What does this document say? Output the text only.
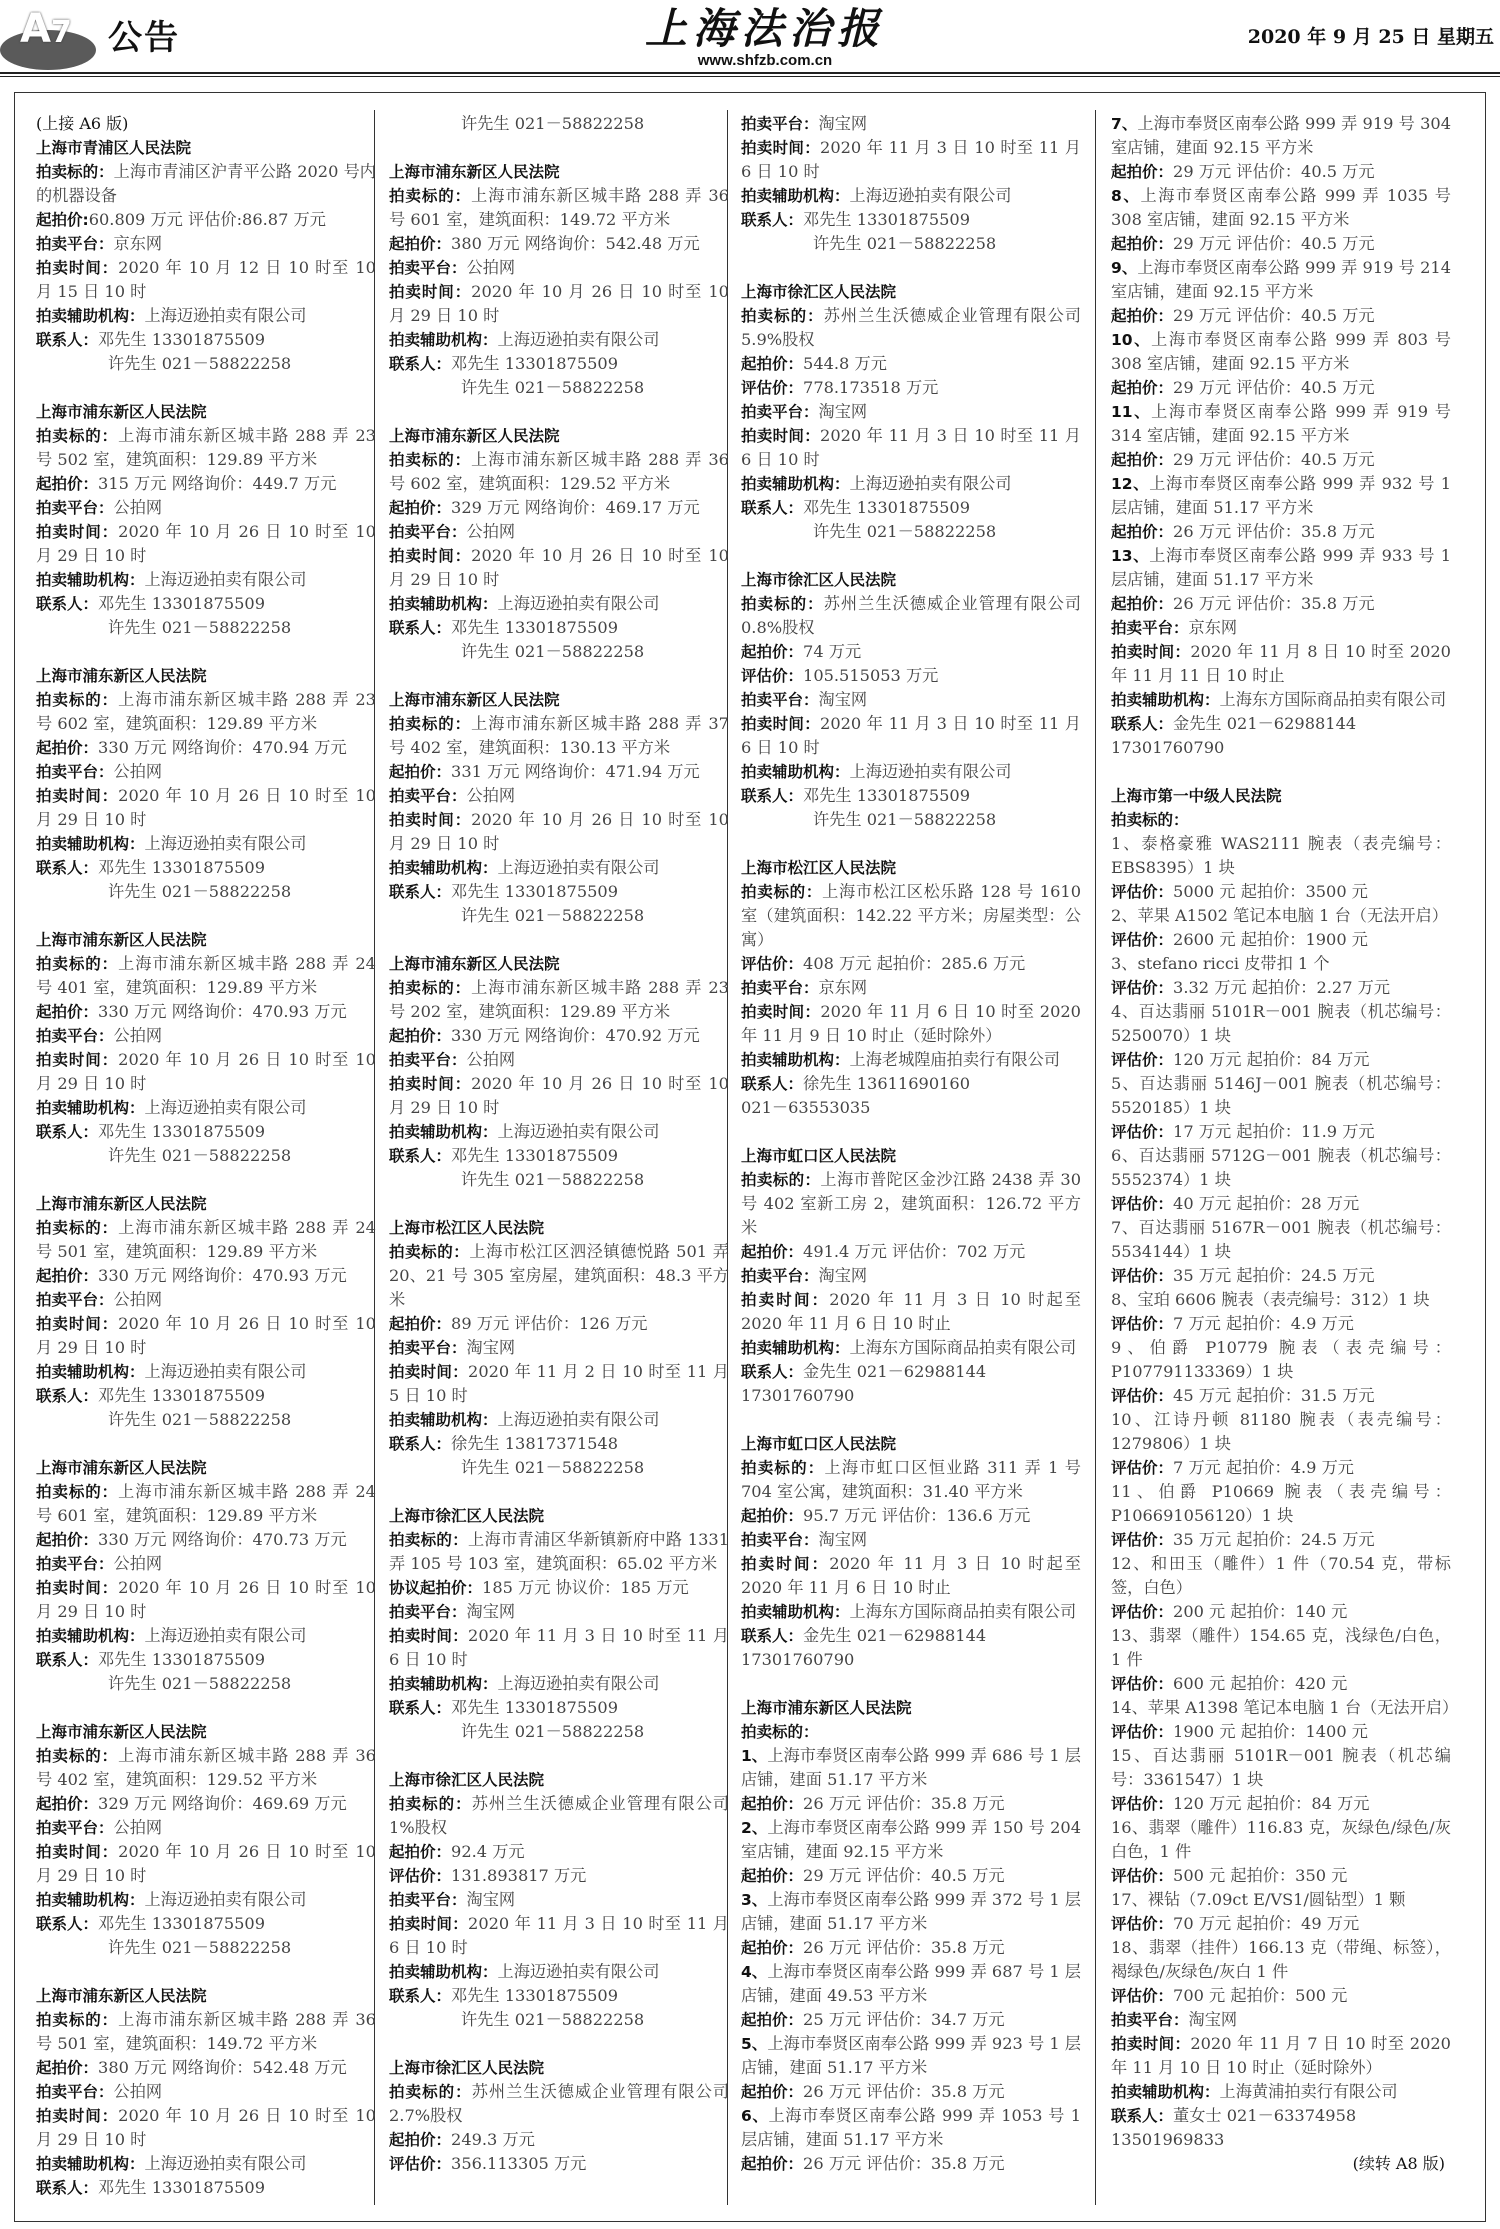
A7 公告	上海法治报
www.shfzb.com.cn
2020 年 9 月 25 日 星期五
(上接 A6 版)
上海市青浦区人民法院
拍卖标的：上海市青浦区沪青平公路 2020 号内的机器设备
起拍价:60.809 万元 评估价:86.87 万元
拍卖平台：京东网
拍卖时间：2020 年 10 月 12 日 10 时至 10 月 15 日 10 时
拍卖辅助机构：上海迈逊拍卖有限公司
联系人：邓先生 13301875509
许先生 021－58822258
上海市浦东新区人民法院
拍卖标的：上海市浦东新区城丰路 288 弄 23 号 502 室，建筑面积：129.89 平方米
起拍价：315 万元 网络询价：449.7 万元
拍卖平台：公拍网
拍卖时间：2020 年 10 月 26 日 10 时至 10 月 29 日 10 时
拍卖辅助机构：上海迈逊拍卖有限公司
联系人：邓先生 13301875509
许先生 021－58822258
上海市浦东新区人民法院
拍卖标的：上海市浦东新区城丰路 288 弄 23 号 602 室，建筑面积：129.89 平方米
起拍价：330 万元 网络询价：470.94 万元
拍卖平台：公拍网
拍卖时间：2020 年 10 月 26 日 10 时至 10 月 29 日 10 时
拍卖辅助机构：上海迈逊拍卖有限公司
联系人：邓先生 13301875509
许先生 021－58822258
上海市浦东新区人民法院
拍卖标的：上海市浦东新区城丰路 288 弄 24 号 401 室，建筑面积：129.89 平方米
起拍价：330 万元 网络询价：470.93 万元
拍卖平台：公拍网
拍卖时间：2020 年 10 月 26 日 10 时至 10 月 29 日 10 时
拍卖辅助机构：上海迈逊拍卖有限公司
联系人：邓先生 13301875509
许先生 021－58822258
上海市浦东新区人民法院
拍卖标的：上海市浦东新区城丰路 288 弄 24 号 501 室，建筑面积：129.89 平方米
起拍价：330 万元 网络询价：470.93 万元
拍卖平台：公拍网
拍卖时间：2020 年 10 月 26 日 10 时至 10 月 29 日 10 时
拍卖辅助机构：上海迈逊拍卖有限公司
联系人：邓先生 13301875509
许先生 021－58822258
上海市浦东新区人民法院
拍卖标的：上海市浦东新区城丰路 288 弄 24 号 601 室，建筑面积：129.89 平方米
起拍价：330 万元 网络询价：470.73 万元
拍卖平台：公拍网
拍卖时间：2020 年 10 月 26 日 10 时至 10 月 29 日 10 时
拍卖辅助机构：上海迈逊拍卖有限公司
联系人：邓先生 13301875509
许先生 021－58822258
上海市浦东新区人民法院
拍卖标的：上海市浦东新区城丰路 288 弄 36 号 402 室，建筑面积：129.52 平方米
起拍价：329 万元 网络询价：469.69 万元
拍卖平台：公拍网
拍卖时间：2020 年 10 月 26 日 10 时至 10 月 29 日 10 时
拍卖辅助机构：上海迈逊拍卖有限公司
联系人：邓先生 13301875509
许先生 021－58822258
上海市浦东新区人民法院
拍卖标的：上海市浦东新区城丰路 288 弄 36 号 501 室，建筑面积：149.72 平方米
起拍价：380 万元 网络询价：542.48 万元
拍卖平台：公拍网
拍卖时间：2020 年 10 月 26 日 10 时至 10 月 29 日 10 时
拍卖辅助机构：上海迈逊拍卖有限公司
联系人：邓先生 13301875509
许先生 021－58822258
上海市浦东新区人民法院
拍卖标的：上海市浦东新区城丰路 288 弄 36 号 601 室，建筑面积：149.72 平方米
起拍价：380 万元 网络询价：542.48 万元
拍卖平台：公拍网
拍卖时间：2020 年 10 月 26 日 10 时至 10 月 29 日 10 时
拍卖辅助机构：上海迈逊拍卖有限公司
联系人：邓先生 13301875509
许先生 021－58822258
上海市浦东新区人民法院
拍卖标的：上海市浦东新区城丰路 288 弄 36 号 602 室，建筑面积：129.52 平方米
起拍价：329 万元 网络询价：469.17 万元
拍卖平台：公拍网
拍卖时间：2020 年 10 月 26 日 10 时至 10 月 29 日 10 时
拍卖辅助机构：上海迈逊拍卖有限公司
联系人：邓先生 13301875509
许先生 021－58822258
上海市浦东新区人民法院
拍卖标的：上海市浦东新区城丰路 288 弄 37 号 402 室，建筑面积：130.13 平方米
起拍价：331 万元 网络询价：471.94 万元
拍卖平台：公拍网
拍卖时间：2020 年 10 月 26 日 10 时至 10 月 29 日 10 时
拍卖辅助机构：上海迈逊拍卖有限公司
联系人：邓先生 13301875509
许先生 021－58822258
上海市浦东新区人民法院
拍卖标的：上海市浦东新区城丰路 288 弄 23 号 202 室，建筑面积：129.89 平方米
起拍价：330 万元 网络询价：470.92 万元
拍卖平台：公拍网
拍卖时间：2020 年 10 月 26 日 10 时至 10 月 29 日 10 时
拍卖辅助机构：上海迈逊拍卖有限公司
联系人：邓先生 13301875509
许先生 021－58822258
上海市松江区人民法院
拍卖标的：上海市松江区泗泾镇德悦路 501 弄 20、21 号 305 室房屋，建筑面积：48.3 平方米
起拍价：89 万元 评估价：126 万元
拍卖平台：淘宝网
拍卖时间：2020 年 11 月 2 日 10 时至 11 月 5 日 10 时
拍卖辅助机构：上海迈逊拍卖有限公司
联系人：徐先生 13817371548
许先生 021－58822258
上海市徐汇区人民法院
拍卖标的：上海市青浦区华新镇新府中路 1331 弄 105 号 103 室，建筑面积：65.02 平方米
协议起拍价：185 万元 协议价：185 万元
拍卖平台：淘宝网
拍卖时间：2020 年 11 月 3 日 10 时至 11 月 6 日 10 时
拍卖辅助机构：上海迈逊拍卖有限公司
联系人：邓先生 13301875509
许先生 021－58822258
上海市徐汇区人民法院
拍卖标的：苏州兰生沃德威企业管理有限公司 1%股权
起拍价：92.4 万元
评估价：131.893817 万元
拍卖平台：淘宝网
拍卖时间：2020 年 11 月 3 日 10 时至 11 月 6 日 10 时
拍卖辅助机构：上海迈逊拍卖有限公司
联系人：邓先生 13301875509
许先生 021－58822258
上海市徐汇区人民法院
拍卖标的：苏州兰生沃德威企业管理有限公司 2.7%股权
起拍价：249.3 万元
评估价：356.113305 万元
拍卖平台：淘宝网
拍卖时间：2020 年 11 月 3 日 10 时至 11 月 6 日 10 时
拍卖辅助机构：上海迈逊拍卖有限公司
联系人：邓先生 13301875509
许先生 021－58822258
上海市徐汇区人民法院
拍卖标的：苏州兰生沃德威企业管理有限公司 5.9%股权
起拍价：544.8 万元
评估价：778.173518 万元
拍卖平台：淘宝网
拍卖时间：2020 年 11 月 3 日 10 时至 11 月 6 日 10 时
拍卖辅助机构：上海迈逊拍卖有限公司
联系人：邓先生 13301875509
许先生 021－58822258
上海市徐汇区人民法院
拍卖标的：苏州兰生沃德威企业管理有限公司 0.8%股权
起拍价：74 万元
评估价：105.515053 万元
拍卖平台：淘宝网
拍卖时间：2020 年 11 月 3 日 10 时至 11 月 6 日 10 时
拍卖辅助机构：上海迈逊拍卖有限公司
联系人：邓先生 13301875509
许先生 021－58822258
上海市松江区人民法院
拍卖标的：上海市松江区松乐路 128 号 1610 室（建筑面积：142.22 平方米；房屋类型：公寓）
评估价：408 万元 起拍价：285.6 万元
拍卖平台：京东网
拍卖时间：2020 年 11 月 6 日 10 时至 2020 年 11 月 9 日 10 时止（延时除外）
拍卖辅助机构：上海老城隍庙拍卖行有限公司
联系人：徐先生 13611690160
021－63553035
上海市虹口区人民法院
拍卖标的：上海市普陀区金沙江路 2438 弄 30 号 402 室新工房 2，建筑面积：126.72 平方米
起拍价：491.4 万元 评估价：702 万元
拍卖平台：淘宝网
拍卖时间：2020 年 11 月 3 日 10 时起至 2020 年 11 月 6 日 10 时止
拍卖辅助机构：上海东方国际商品拍卖有限公司
联系人：金先生 021－62988144
17301760790
上海市虹口区人民法院
拍卖标的：上海市虹口区恒业路 311 弄 1 号 704 室公寓，建筑面积：31.40 平方米
起拍价：95.7 万元 评估价：136.6 万元
拍卖平台：淘宝网
拍卖时间：2020 年 11 月 3 日 10 时起至 2020 年 11 月 6 日 10 时止
拍卖辅助机构：上海东方国际商品拍卖有限公司
联系人：金先生 021－62988144
17301760790
上海市浦东新区人民法院
拍卖标的：
1、上海市奉贤区南奉公路 999 弄 686 号 1 层店铺，建面 51.17 平方米
起拍价：26 万元 评估价：35.8 万元
2、上海市奉贤区南奉公路 999 弄 150 号 204 室店铺，建面 92.15 平方米
起拍价：29 万元 评估价：40.5 万元
3、上海市奉贤区南奉公路 999 弄 372 号 1 层店铺，建面 51.17 平方米
起拍价：26 万元 评估价：35.8 万元
4、上海市奉贤区南奉公路 999 弄 687 号 1 层店铺，建面 49.53 平方米
起拍价：25 万元 评估价：34.7 万元
5、上海市奉贤区南奉公路 999 弄 923 号 1 层店铺，建面 51.17 平方米
起拍价：26 万元 评估价：35.8 万元
6、上海市奉贤区南奉公路 999 弄 1053 号 1 层店铺，建面 51.17 平方米
起拍价：26 万元 评估价：35.8 万元
7、上海市奉贤区南奉公路 999 弄 919 号 304 室店铺，建面 92.15 平方米
起拍价：29 万元 评估价：40.5 万元
8、上海市奉贤区南奉公路 999 弄 1035 号 308 室店铺，建面 92.15 平方米
起拍价：29 万元 评估价：40.5 万元
9、上海市奉贤区南奉公路 999 弄 919 号 214 室店铺，建面 92.15 平方米
起拍价：29 万元 评估价：40.5 万元
10、上海市奉贤区南奉公路 999 弄 803 号 308 室店铺，建面 92.15 平方米
起拍价：29 万元 评估价：40.5 万元
11、上海市奉贤区南奉公路 999 弄 919 号 314 室店铺，建面 92.15 平方米
起拍价：29 万元 评估价：40.5 万元
12、上海市奉贤区南奉公路 999 弄 932 号 1 层店铺，建面 51.17 平方米
起拍价：26 万元 评估价：35.8 万元
13、上海市奉贤区南奉公路 999 弄 933 号 1 层店铺，建面 51.17 平方米
起拍价：26 万元 评估价：35.8 万元
拍卖平台：京东网
拍卖时间：2020 年 11 月 8 日 10 时至 2020 年 11 月 11 日 10 时止
拍卖辅助机构：上海东方国际商品拍卖有限公司
联系人：金先生 021－62988144
17301760790
上海市第一中级人民法院
拍卖标的：
1、泰格豪雅 WAS2111 腕表（表壳编号：EBS8395）1 块
评估价：5000 元 起拍价：3500 元
2、苹果 A1502 笔记本电脑 1 台（无法开启）
评估价：2600 元 起拍价：1900 元
3、stefano ricci 皮带扣 1 个
评估价：3.32 万元 起拍价：2.27 万元
4、百达翡丽 5101R－001 腕表（机芯编号：5250070）1 块
评估价：120 万元 起拍价：84 万元
5、百达翡丽 5146J－001 腕表（机芯编号：5520185）1 块
评估价：17 万元 起拍价：11.9 万元
6、百达翡丽 5712G－001 腕表（机芯编号：5552374）1 块
评估价：40 万元 起拍价：28 万元
7、百达翡丽 5167R－001 腕表（机芯编号：5534144）1 块
评估价：35 万元 起拍价：24.5 万元
8、宝珀 6606 腕表（表壳编号：312）1 块
评估价：7 万元 起拍价：4.9 万元
9、伯爵 P10779 腕表（表壳编号：P107791133369）1 块
评估价：45 万元 起拍价：31.5 万元
10、江诗丹顿 81180 腕表（表壳编号：1279806）1 块
评估价：7 万元 起拍价：4.9 万元
11、伯爵 P10669 腕表（表壳编号：P106691056120）1 块
评估价：35 万元 起拍价：24.5 万元
12、和田玉（雕件）1 件（70.54 克，带标签，白色）
评估价：200 元 起拍价：140 元
13、翡翠（雕件）154.65 克，浅绿色/白色，1 件
评估价：600 元 起拍价：420 元
14、苹果 A1398 笔记本电脑 1 台（无法开启）
评估价：1900 元 起拍价：1400 元
15、百达翡丽 5101R－001 腕表（机芯编号：3361547）1 块
评估价：120 万元 起拍价：84 万元
16、翡翠（雕件）116.83 克，灰绿色/绿色/灰白色，1 件
评估价：500 元 起拍价：350 元
17、裸钻（7.09ct E/VS1/圆钻型）1 颗
评估价：70 万元 起拍价：49 万元
18、翡翠（挂件）166.13 克（带绳、标签），褐绿色/灰绿色/灰白 1 件
评估价：700 元 起拍价：500 元
拍卖平台：淘宝网
拍卖时间：2020 年 11 月 7 日 10 时至 2020 年 11 月 10 日 10 时止（延时除外）
拍卖辅助机构：上海黄浦拍卖行有限公司
联系人：董女士 021－63374958
13501969833
(续转 A8 版)
